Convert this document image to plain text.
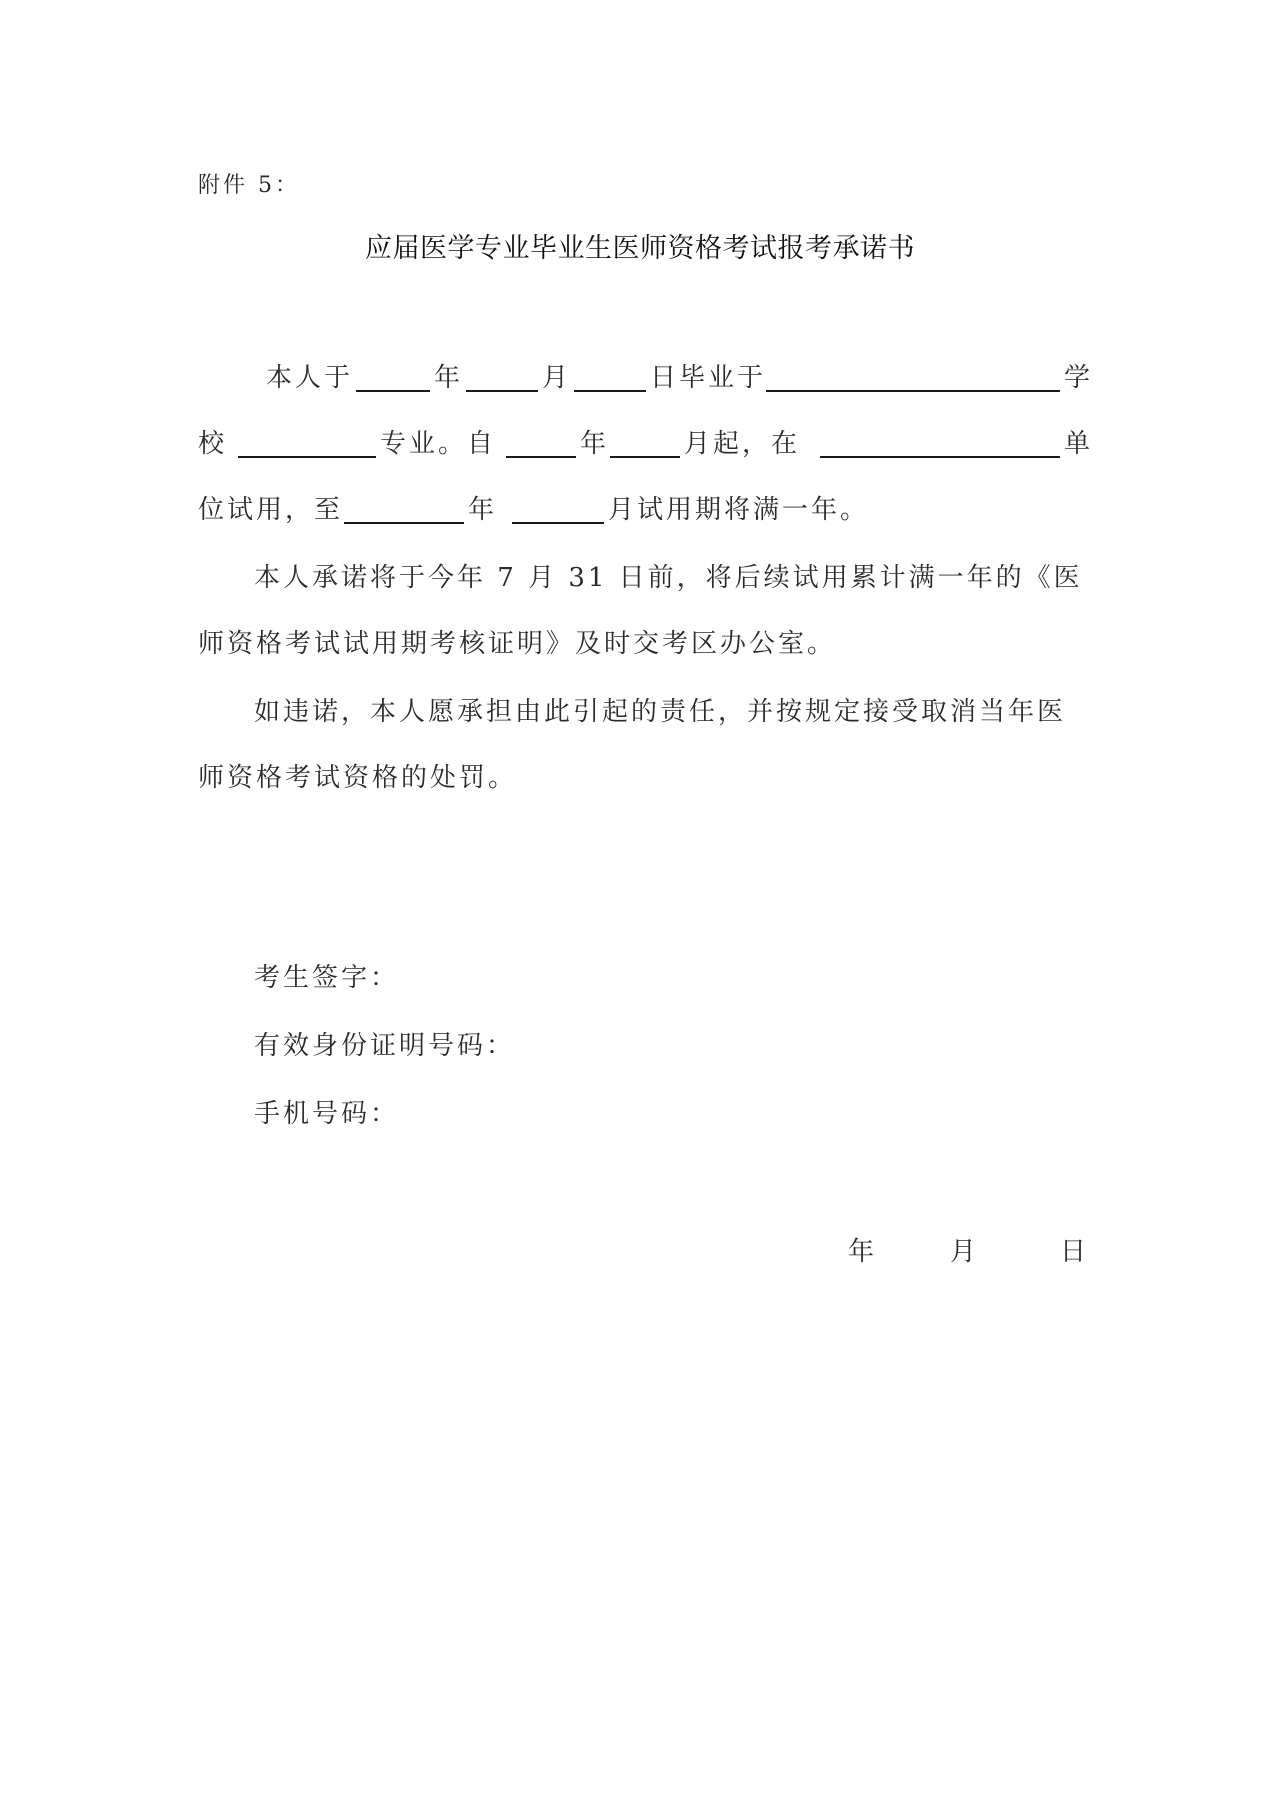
附件 5：
应届医学专业毕业生医师资格考试报考承诺书
本人于	年	月	日毕业于	学
校	专业。自	年	月起，在	单
位试用，至	年	月试用期将满一年。
本人承诺将于今年 7 月 31 日前，将后续试用累计满一年的《医
师资格考试试用期考核证明》及时交考区办公室。
如违诺，本人愿承担由此引起的责任，并按规定接受取消当年医
师资格考试资格的处罚。
考生签字：
有效身份证明号码：
手机号码：
年	月	日
